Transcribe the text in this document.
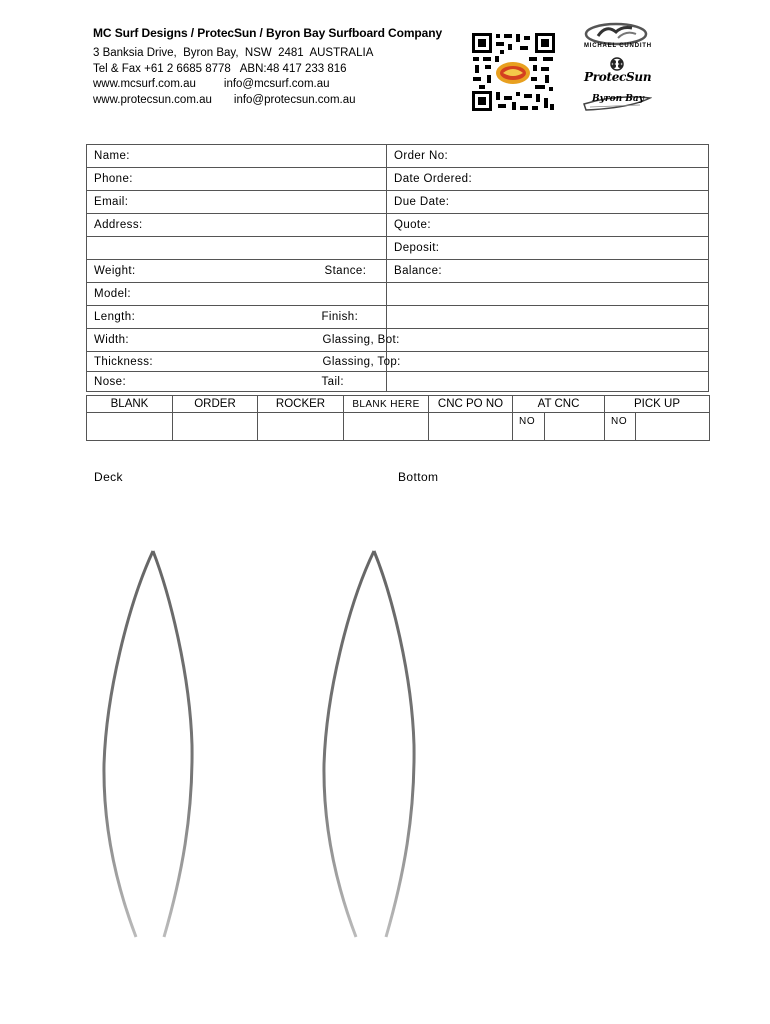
MC Surf Designs / ProtecSun / Byron Bay Surfboard Company
3 Banksia Drive,  Byron Bay,  NSW  2481  AUSTRALIA
Tel & Fax +61 2 6685 8778   ABN:48 417 233 816
www.mcsurf.com.au info@mcsurf.com.au
www.protecsun.com.au info@protecsun.com.au
MICHAEL CUNDITH
ProtecSun
Byron Bay
Name:	Order No:
Phone:	Date Ordered:
Email:	Due Date:
Address:	Quote:
	Deposit:
Weight: Stance:	Balance:
Model:	
Length: Finish:	

Width: Glassing, Bot:	

Thickness: Glassing, Top:	

Nose: Tail:	

BLANK	ORDER	ROCKER	BLANK HERE	CNC PO NO	AT CNC		PICK UP	
					NO		NO	
Deck	Bottom
